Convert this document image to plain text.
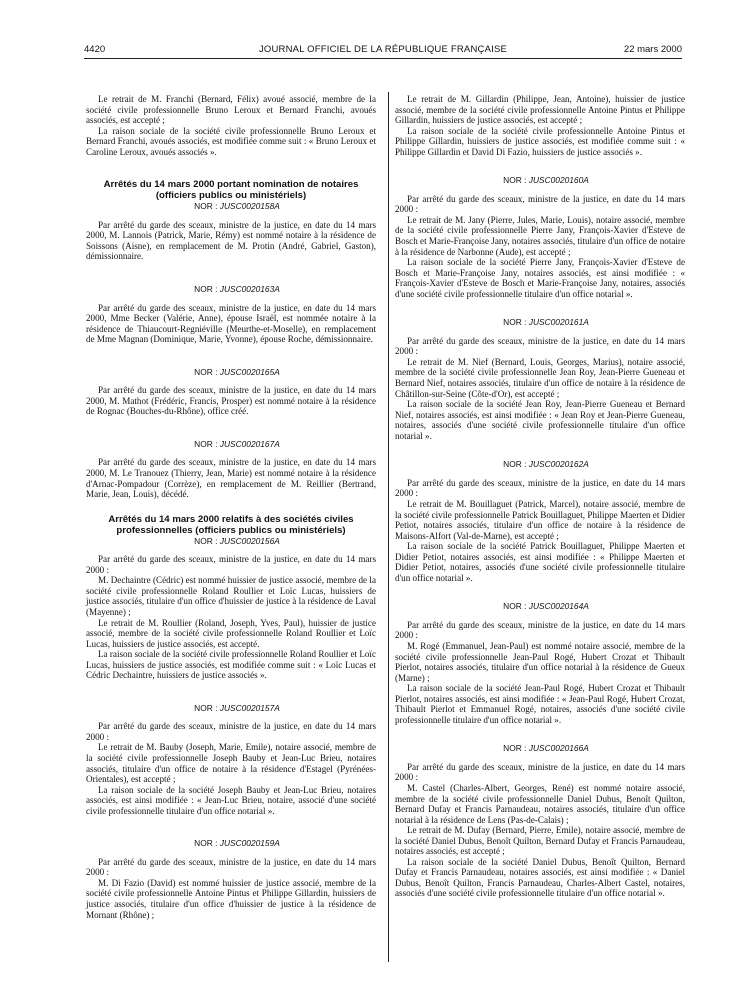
4420	JOURNAL OFFICIEL DE LA RÉPUBLIQUE FRANÇAISE	22 mars 2000

Le retrait de M. Franchi (Bernard, Félix) avoué associé, membre de la société civile professionnelle Bruno Leroux et Bernard Franchi, avoués associés, est accepté ;

La raison sociale de la société civile professionnelle Bruno Leroux et Bernard Franchi, avoués associés, est modifiée comme suit : « Bruno Leroux et Caroline Leroux, avoués associés ».

Arrêtés du 14 mars 2000 portant nomination de notaires (officiers publics ou ministériels)

NOR : JUSC0020158A

Par arrêté du garde des sceaux, ministre de la justice, en date du 14 mars 2000, M. Lannois (Patrick, Marie, Rémy) est nommé notaire à la résidence de Soissons (Aisne), en remplacement de M. Protin (André, Gabriel, Gaston), démissionnaire.

NOR : JUSC0020163A

Par arrêté du garde des sceaux, ministre de la justice, en date du 14 mars 2000, Mme Becker (Valérie, Anne), épouse Israël, est nommée notaire à la résidence de Thiaucourt-Regniéville (Meurthe-et-Moselle), en remplacement de Mme Magnan (Dominique, Marie, Yvonne), épouse Roche, démissionnaire.

NOR : JUSC0020165A

Par arrêté du garde des sceaux, ministre de la justice, en date du 14 mars 2000, M. Mathot (Frédéric, Francis, Prosper) est nommé notaire à la résidence de Rognac (Bouches-du-Rhône), office créé.

NOR : JUSC0020167A

Par arrêté du garde des sceaux, ministre de la justice, en date du 14 mars 2000, M. Le Tranouez (Thierry, Jean, Marie) est nommé notaire à la résidence d'Arnac-Pompadour (Corrèze), en remplacement de M. Reillier (Bertrand, Marie, Jean, Louis), décédé.

Arrêtés du 14 mars 2000 relatifs à des sociétés civiles professionnelles (officiers publics ou ministériels)

NOR : JUSC0020156A

Par arrêté du garde des sceaux, ministre de la justice, en date du 14 mars 2000 :

M. Dechaintre (Cédric) est nommé huissier de justice associé, membre de la société civile professionnelle Roland Roullier et Loïc Lucas, huissiers de justice associés, titulaire d'un office d'huissier de justice à la résidence de Laval (Mayenne) ;

Le retrait de M. Roullier (Roland, Joseph, Yves, Paul), huissier de justice associé, membre de la société civile professionnelle Roland Roullier et Loïc Lucas, huissiers de justice associés, est accepté.

La raison sociale de la société civile professionnelle Roland Roullier et Loïc Lucas, huissiers de justice associés, est modifiée comme suit : « Loïc Lucas et Cédric Dechaintre, huissiers de justice associés ».

NOR : JUSC0020157A

Par arrêté du garde des sceaux, ministre de la justice, en date du 14 mars 2000 :

Le retrait de M. Bauby (Joseph, Marie, Emile), notaire associé, membre de la société civile professionnelle Joseph Bauby et Jean-Luc Brieu, notaires associés, titulaire d'un office de notaire à la résidence d'Estagel (Pyrénées-Orientales), est accepté ;

La raison sociale de la société Joseph Bauby et Jean-Luc Brieu, notaires associés, est ainsi modifiée : « Jean-Luc Brieu, notaire, associé d'une société civile professionnelle titulaire d'un office notarial ».

NOR : JUSC0020159A

Par arrêté du garde des sceaux, ministre de la justice, en date du 14 mars 2000 :

M. Di Fazio (David) est nommé huissier de justice associé, membre de la société civile professionnelle Antoine Pintus et Philippe Gillardin, huissiers de justice associés, titulaire d'un office d'huissier de justice à la résidence de Mornant (Rhône) ;

Le retrait de M. Gillardin (Philippe, Jean, Antoine), huissier de justice associé, membre de la société civile professionnelle Antoine Pintus et Philippe Gillardin, huissiers de justice associés, est accepté ;

La raison sociale de la société civile professionnelle Antoine Pintus et Philippe Gillardin, huissiers de justice associés, est modifiée comme suit : « Philippe Gillardin et David Di Fazio, huissiers de justice associés ».

NOR : JUSC0020160A

Par arrêté du garde des sceaux, ministre de la justice, en date du 14 mars 2000 :

Le retrait de M. Jany (Pierre, Jules, Marie, Louis), notaire associé, membre de la société civile professionnelle Pierre Jany, François-Xavier d'Esteve de Bosch et Marie-Françoise Jany, notaires associés, titulaire d'un office de notaire à la résidence de Narbonne (Aude), est accepté ;

La raison sociale de la société Pierre Jany, François-Xavier d'Esteve de Bosch et Marie-Françoise Jany, notaires associés, est ainsi modifiée : « François-Xavier d'Esteve de Bosch et Marie-Françoise Jany, notaires, associés d'une société civile professionnelle titulaire d'un office notarial ».

NOR : JUSC0020161A

Par arrêté du garde des sceaux, ministre de la justice, en date du 14 mars 2000 :

Le retrait de M. Nief (Bernard, Louis, Georges, Marius), notaire associé, membre de la société civile professionnelle Jean Roy, Jean-Pierre Gueneau et Bernard Nief, notaires associés, titulaire d'un office de notaire à la résidence de Châtillon-sur-Seine (Côte-d'Or), est accepté ;

La raison sociale de la société Jean Roy, Jean-Pierre Gueneau et Bernard Nief, notaires associés, est ainsi modifiée : « Jean Roy et Jean-Pierre Gueneau, notaires, associés d'une société civile professionnelle titulaire d'un office notarial ».

NOR : JUSC0020162A

Par arrêté du garde des sceaux, ministre de la justice, en date du 14 mars 2000 :

Le retrait de M. Bouillaguet (Patrick, Marcel), notaire associé, membre de la société civile professionnelle Patrick Bouillaguet, Philippe Maerten et Didier Petiot, notaires associés, titulaire d'un office de notaire à la résidence de Maisons-Alfort (Val-de-Marne), est accepté ;

La raison sociale de la société Patrick Bouillaguet, Philippe Maerten et Didier Petiot, notaires associés, est ainsi modifiée : « Philippe Maerten et Didier Petiot, notaires, associés d'une société civile professionnelle titulaire d'un office notarial ».

NOR : JUSC0020164A

Par arrêté du garde des sceaux, ministre de la justice, en date du 14 mars 2000 :

M. Rogé (Emmanuel, Jean-Paul) est nommé notaire associé, membre de la société civile professionnelle Jean-Paul Rogé, Hubert Crozat et Thibault Pierlot, notaires associés, titulaire d'un office notarial à la résidence de Gueux (Marne) ;

La raison sociale de la société Jean-Paul Rogé, Hubert Crozat et Thibault Pierlot, notaires associés, est ainsi modifiée : « Jean-Paul Rogé, Hubert Crozat, Thibault Pierlot et Emmanuel Rogé, notaires, associés d'une société civile professionnelle titulaire d'un office notarial ».

NOR : JUSC0020166A

Par arrêté du garde des sceaux, ministre de la justice, en date du 14 mars 2000 :

M. Castel (Charles-Albert, Georges, René) est nommé notaire associé, membre de la société civile professionnelle Daniel Dubus, Benoît Quilton, Bernard Dufay et Francis Parnaudeau, notaires associés, titulaire d'un office notarial à la résidence de Lens (Pas-de-Calais) ;

Le retrait de M. Dufay (Bernard, Pierre, Emile), notaire associé, membre de la société Daniel Dubus, Benoît Quilton, Bernard Dufay et Francis Parnaudeau, notaires associés, est accepté ;

La raison sociale de la société Daniel Dubus, Benoît Quilton, Bernard Dufay et Francis Parnaudeau, notaires associés, est ainsi modifiée : « Daniel Dubus, Benoît Quilton, Francis Parnaudeau, Charles-Albert Castel, notaires, associés d'une société civile professionnelle titulaire d'un office notarial ».
